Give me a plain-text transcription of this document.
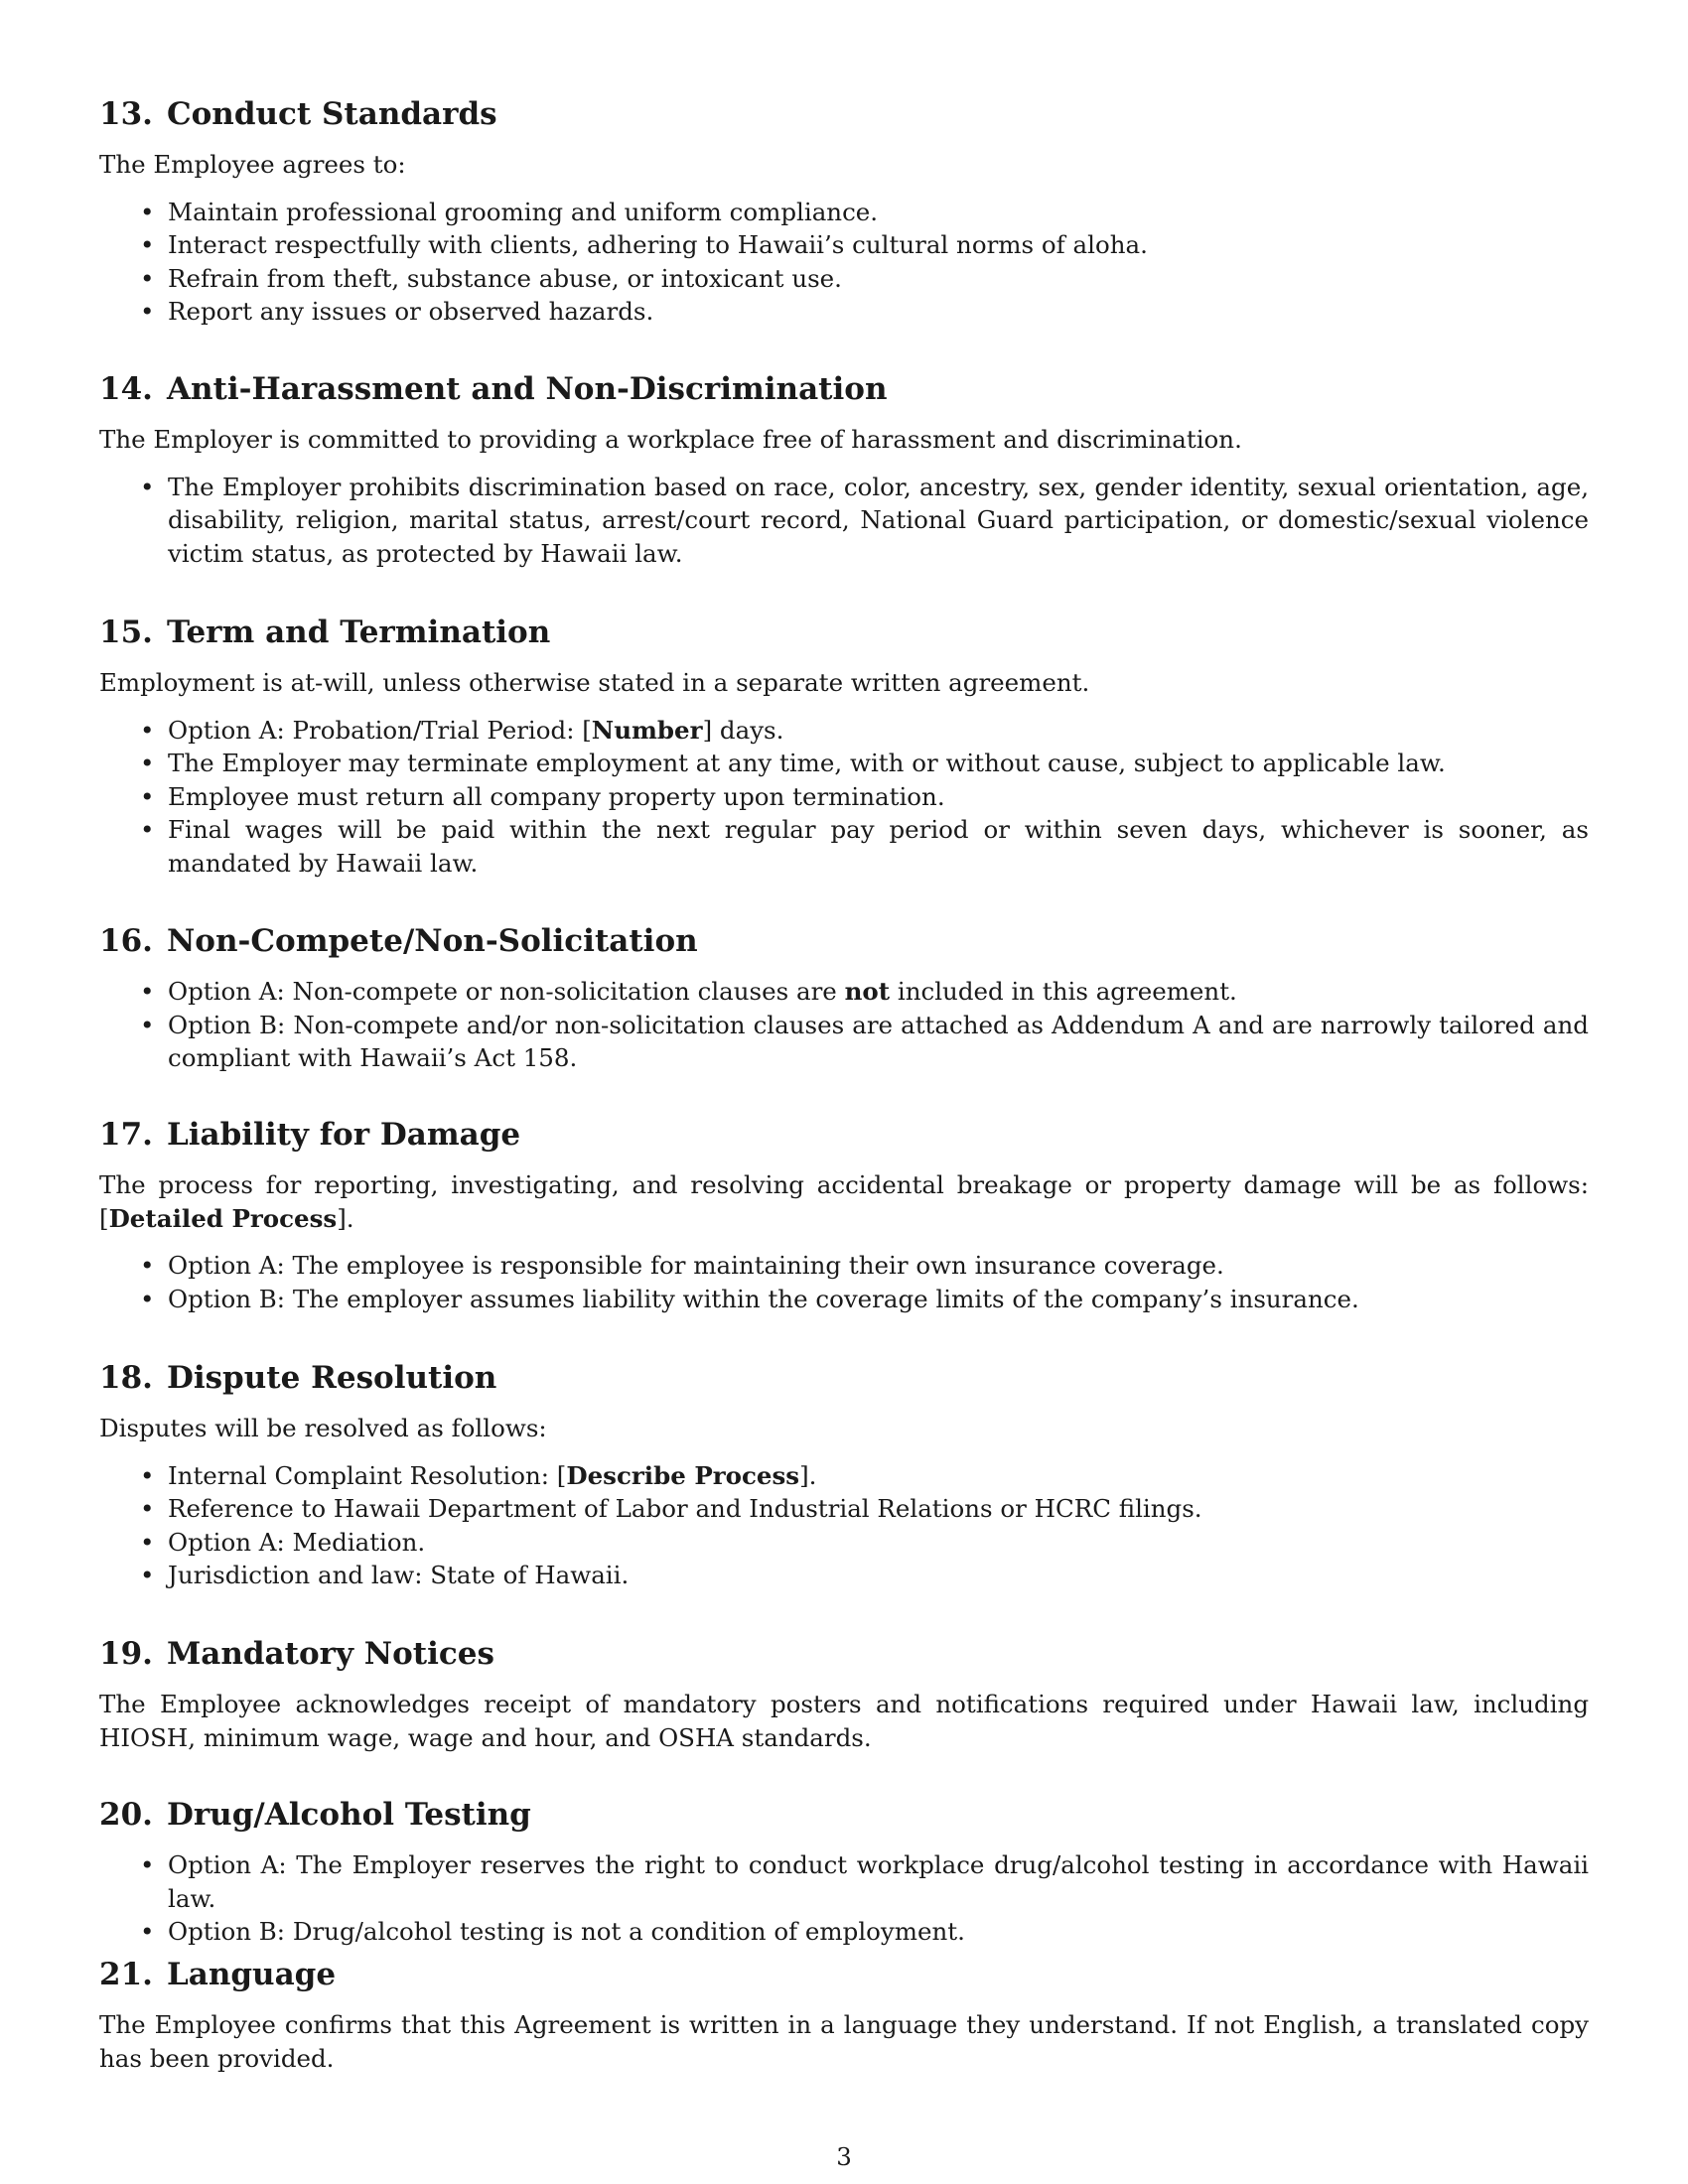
13. Conduct Standards

The Employee agrees to:

• Maintain professional grooming and uniform compliance.
• Interact respectfully with clients, adhering to Hawaii’s cultural norms of aloha.
• Refrain from theft, substance abuse, or intoxicant use.
• Report any issues or observed hazards.
14. Anti-Harassment and Non-Discrimination

The Employer is committed to providing a workplace free of harassment and discrimination.

• The Employer prohibits discrimination based on race, color, ancestry, sex, gender identity, sexual orientation, age, disability, religion, marital status, arrest/court record, National Guard participation, or domestic/sexual violence victim status, as protected by Hawaii law.
15. Term and Termination

Employment is at-will, unless otherwise stated in a separate written agreement.

• Option A: Probation/Trial Period: [Number] days.
• The Employer may terminate employment at any time, with or without cause, subject to applicable law.
• Employee must return all company property upon termination.
• Final wages will be paid within the next regular pay period or within seven days, whichever is sooner, as mandated by Hawaii law.
16. Non-Compete/Non-Solicitation
• Option A: Non-compete or non-solicitation clauses are not included in this agreement.
• Option B: Non-compete and/or non-solicitation clauses are attached as Addendum A and are narrowly tailored and compliant with Hawaii’s Act 158.
17. Liability for Damage

The process for reporting, investigating, and resolving accidental breakage or property damage will be as follows: [Detailed Process].

• Option A: The employee is responsible for maintaining their own insurance coverage.
• Option B: The employer assumes liability within the coverage limits of the company’s insurance.
18. Dispute Resolution

Disputes will be resolved as follows:

• Internal Complaint Resolution: [Describe Process].
• Reference to Hawaii Department of Labor and Industrial Relations or HCRC filings.
• Option A: Mediation.
• Jurisdiction and law: State of Hawaii.
19. Mandatory Notices

The Employee acknowledges receipt of mandatory posters and notifications required under Hawaii law, including HIOSH, minimum wage, wage and hour, and OSHA standards.

20. Drug/Alcohol Testing
• Option A: The Employer reserves the right to conduct workplace drug/alcohol testing in accordance with Hawaii law.
• Option B: Drug/alcohol testing is not a condition of employment.
21. Language

The Employee confirms that this Agreement is written in a language they understand. If not English, a translated copy has been provided.

3
